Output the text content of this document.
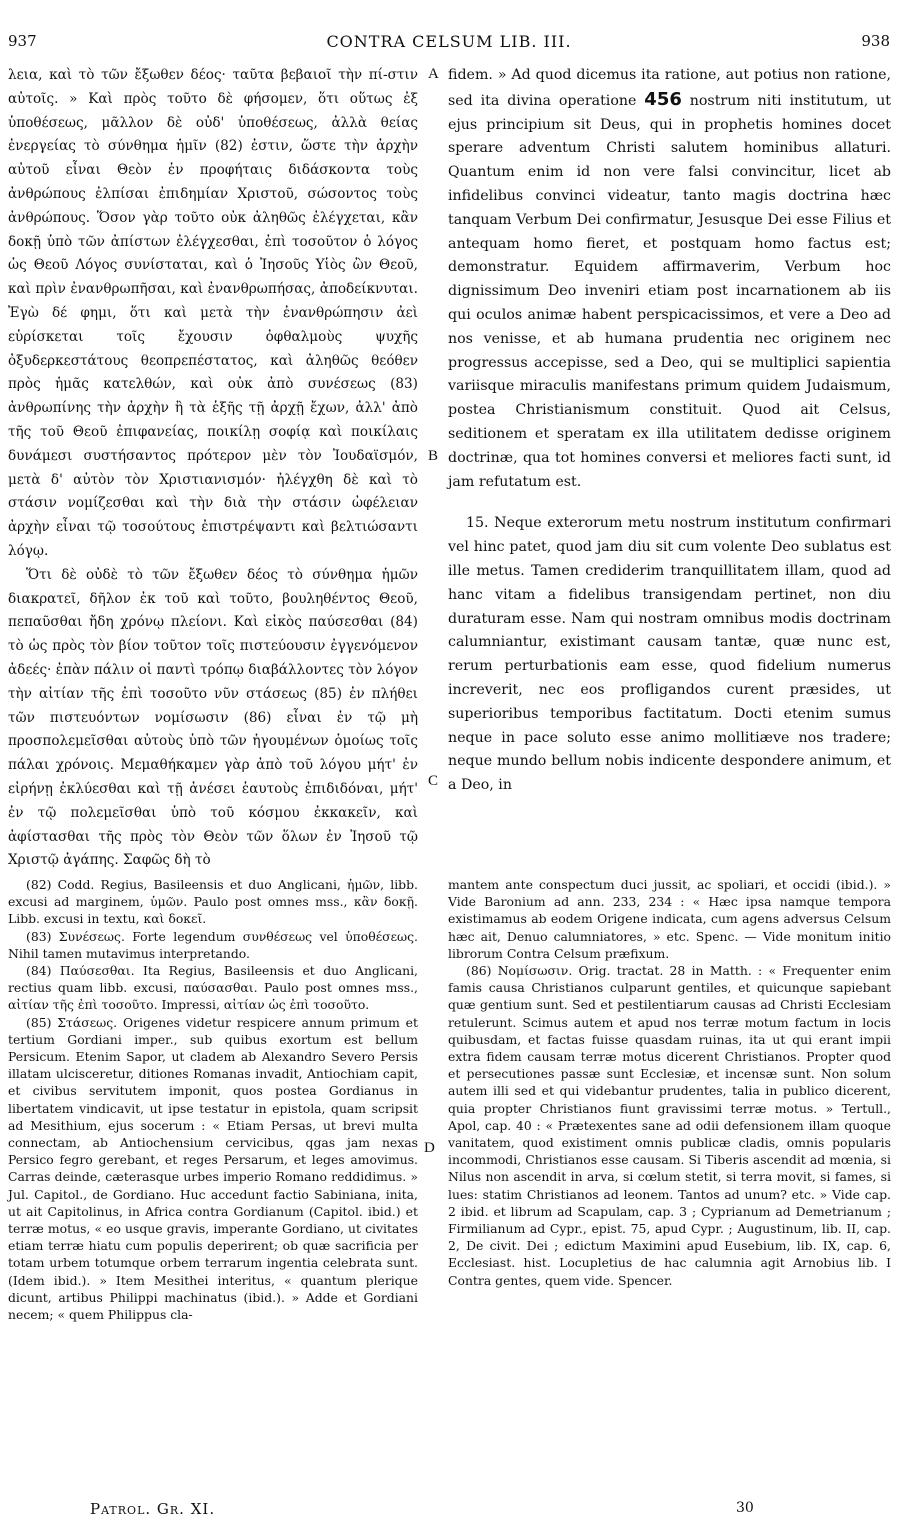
937	CONTRA CELSUM LIB. III.	938

λεια, καὶ τὸ τῶν ἔξωθεν δέος· ταῦτα βεβαιοῖ τὴν πί-στιν αὐτοῖς. » Καὶ πρὸς τοῦτο δὲ φήσομεν, ὅτι οὕτως ἐξ ὑποθέσεως, μᾶλλον δὲ οὐδ' ὑποθέσεως, ἀλλὰ θείας ἐνεργείας τὸ σύνθημα ἡμῖν (82) ἐστιν, ὥστε τὴν ἀρχὴν αὐτοῦ εἶναι Θεὸν ἐν προφήταις διδάσκοντα τοὺς ἀνθρώπους ἐλπίσαι ἐπιδημίαν Χριστοῦ, σώσοντος τοὺς ἀνθρώπους. Ὅσον γὰρ τοῦτο οὐκ ἀληθῶς ἐλέγχεται, κἂν δοκῇ ὑπὸ τῶν ἀπίστων ἐλέγχεσθαι, ἐπὶ τοσοῦτον ὁ λόγος ὡς Θεοῦ Λόγος συνίσταται, καὶ ὁ Ἰησοῦς Υἱὸς ὢν Θεοῦ, καὶ πρὶν ἐνανθρωπῆσαι, καὶ ἐνανθρωπήσας, ἀποδείκνυται. Ἐγὼ δέ φημι, ὅτι καὶ μετὰ τὴν ἐνανθρώπησιν ἀεὶ εὑρίσκεται τοῖς ἔχουσιν ὀφθαλμοὺς ψυχῆς ὀξυδερκεστάτους θεοπρεπέστατος, καὶ ἀληθῶς θεόθεν πρὸς ἡμᾶς κατελθών, καὶ οὐκ ἀπὸ συνέσεως (83) ἀνθρωπίνης τὴν ἀρχὴν ἢ τὰ ἑξῆς τῇ ἀρχῇ ἔχων, ἀλλ' ἀπὸ τῆς τοῦ Θεοῦ ἐπιφανείας, ποικίλῃ σοφίᾳ καὶ ποικίλαις δυνάμεσι συστήσαντος πρότερον μὲν τὸν Ἰουδαϊσμόν, μετὰ δ' αὐτὸν τὸν Χριστιανισμόν· ἠλέγχθη δὲ καὶ τὸ στάσιν νομίζεσθαι καὶ τὴν διὰ τὴν στάσιν ὠφέλειαν ἀρχὴν εἶναι τῷ τοσούτους ἐπιστρέψαντι καὶ βελτιώσαντι λόγῳ.

Ὅτι δὲ οὐδὲ τὸ τῶν ἔξωθεν δέος τὸ σύνθημα ἡμῶν διακρατεῖ, δῆλον ἐκ τοῦ καὶ τοῦτο, βουληθέντος Θεοῦ, πεπαῦσθαι ἤδη χρόνῳ πλείονι. Καὶ εἰκὸς παύσεσθαι (84) τὸ ὡς πρὸς τὸν βίον τοῦτον τοῖς πιστεύουσιν ἐγγενόμενον ἀδεές· ἐπὰν πάλιν οἱ παντὶ τρόπῳ διαβάλλοντες τὸν λόγον τὴν αἰτίαν τῆς ἐπὶ τοσοῦτο νῦν στάσεως (85) ἐν πλήθει τῶν πιστευόντων νομίσωσιν (86) εἶναι ἐν τῷ μὴ προσπολεμεῖσθαι αὐτοὺς ὑπὸ τῶν ἡγουμένων ὁμοίως τοῖς πάλαι χρόνοις. Μεμαθήκαμεν γὰρ ἀπὸ τοῦ λόγου μήτ' ἐν εἰρήνῃ ἐκλύεσθαι καὶ τῇ ἀνέσει ἑαυτοὺς ἐπιδιδόναι, μήτ' ἐν τῷ πολεμεῖσθαι ὑπὸ τοῦ κόσμου ἐκκακεῖν, καὶ ἀφίστασθαι τῆς πρὸς τὸν Θεὸν τῶν ὅλων ἐν Ἰησοῦ τῷ Χριστῷ ἀγάπης. Σαφῶς δὴ τὸ

A
B
C
D

fidem. » Ad quod dicemus ita ratione, aut potius non ratione, sed ita divina operatione 456 nostrum niti institutum, ut ejus principium sit Deus, qui in prophetis homines docet sperare adventum Christi salutem hominibus allaturi. Quantum enim id non vere falsi convincitur, licet ab infidelibus convinci videatur, tanto magis doctrina hæc tanquam Verbum Dei confirmatur, Jesusque Dei esse Filius et antequam homo fieret, et postquam homo factus est; demonstratur. Equidem affirmaverim, Verbum hoc dignissimum Deo inveniri etiam post incarnationem ab iis qui oculos animæ habent perspicacissimos, et vere a Deo ad nos venisse, et ab humana prudentia nec originem nec progressus accepisse, sed a Deo, qui se multiplici sapientia variisque miraculis manifestans primum quidem Judaismum, postea Christianismum constituit. Quod ait Celsus, seditionem et speratam ex illa utilitatem dedisse originem doctrinæ, qua tot homines conversi et meliores facti sunt, id jam refutatum est.

15. Neque exterorum metu nostrum institutum confirmari vel hinc patet, quod jam diu sit cum volente Deo sublatus est ille metus. Tamen crediderim tranquillitatem illam, quod ad hanc vitam a fidelibus transigendam pertinet, non diu duraturam esse. Nam qui nostram omnibus modis doctrinam calumniantur, existimant causam tantæ, quæ nunc est, rerum perturbationis eam esse, quod fidelium numerus increverit, nec eos profligandos curent præsides, ut superioribus temporibus factitatum. Docti etenim sumus neque in pace soluto esse animo mollitiæve nos tradere; neque mundo bellum nobis indicente despondere animum, et a Deo, in

(82) Codd. Regius, Basileensis et duo Anglicani, ἡμῶν, libb. excusi ad marginem, ὑμῶν. Paulo post omnes mss., κἂν δοκῇ. Libb. excusi in textu, καὶ δοκεῖ.

(83) Συνέσεως. Forte legendum συνθέσεως vel ὑποθέσεως. Nihil tamen mutavimus interpretando.

(84) Παύσεσθαι. Ita Regius, Basileensis et duo Anglicani, rectius quam libb. excusi, παύσασθαι. Paulo post omnes mss., αἰτίαν τῆς ἐπὶ τοσοῦτο. Impressi, αἰτίαν ὡς ἐπὶ τοσοῦτο.

(85) Στάσεως. Origenes videtur respicere annum primum et tertium Gordiani imper., sub quibus exortum est bellum Persicum. Etenim Sapor, ut cladem ab Alexandro Severo Persis illatam ulcisceretur, ditiones Romanas invadit, Antiochiam capit, et civibus servitutem imponit, quos postea Gordianus in libertatem vindicavit, ut ipse testatur in epistola, quam scripsit ad Mesithium, ejus socerum : « Etiam Persas, ut brevi multa connectam, ab Antiochensium cervicibus, qgas jam nexas Persico fegro gerebant, et reges Persarum, et leges amovimus. Carras deinde, cæterasque urbes imperio Romano reddidimus. » Jul. Capitol., de Gordiano. Huc accedunt factio Sabiniana, inita, ut ait Capitolinus, in Africa contra Gordianum (Capitol. ibid.) et terræ motus, « eo usque gravis, imperante Gordiano, ut civitates etiam terræ hiatu cum populis deperirent; ob quæ sacrificia per totam urbem totumque orbem terrarum ingentia celebrata sunt. (Idem ibid.). » Item Mesithei interitus, « quantum plerique dicunt, artibus Philippi machinatus (ibid.). » Adde et Gordiani necem; « quem Philippus cla-

mantem ante conspectum duci jussit, ac spoliari, et occidi (ibid.). » Vide Baronium ad ann. 233, 234 : « Hæc ipsa namque tempora existimamus ab eodem Origene indicata, cum agens adversus Celsum hæc ait, Denuo calumniatores, » etc. Spenc. — Vide monitum initio librorum Contra Celsum præfixum.

(86) Νομίσωσιν. Orig. tractat. 28 in Matth. : « Frequenter enim famis causa Christianos culparunt gentiles, et quicunque sapiebant quæ gentium sunt. Sed et pestilentiarum causas ad Christi Ecclesiam retulerunt. Scimus autem et apud nos terræ motum factum in locis quibusdam, et factas fuisse quasdam ruinas, ita ut qui erant impii extra fidem causam terræ motus dicerent Christianos. Propter quod et persecutiones passæ sunt Ecclesiæ, et incensæ sunt. Non solum autem illi sed et qui videbantur prudentes, talia in publico dicerent, quia propter Christianos fiunt gravissimi terræ motus. » Tertull., Apol, cap. 40 : « Prætexentes sane ad odii defensionem illam quoque vanitatem, quod existiment omnis publicæ cladis, omnis popularis incommodi, Christianos esse causam. Si Tiberis ascendit ad mœnia, si Nilus non ascendit in arva, si cœlum stetit, si terra movit, si fames, si lues: statim Christianos ad leonem. Tantos ad unum? etc. » Vide cap. 2 ibid. et librum ad Scapulam, cap. 3 ; Cyprianum ad Demetrianum ; Firmilianum ad Cypr., epist. 75, apud Cypr. ; Augustinum, lib. II, cap. 2, De civit. Dei ; edictum Maximini apud Eusebium, lib. IX, cap. 6, Ecclesiast. hist. Locupletius de hac calumnia agit Arnobius lib. I Contra gentes, quem vide. Spencer.

Patrol. Gr. XI.	30
